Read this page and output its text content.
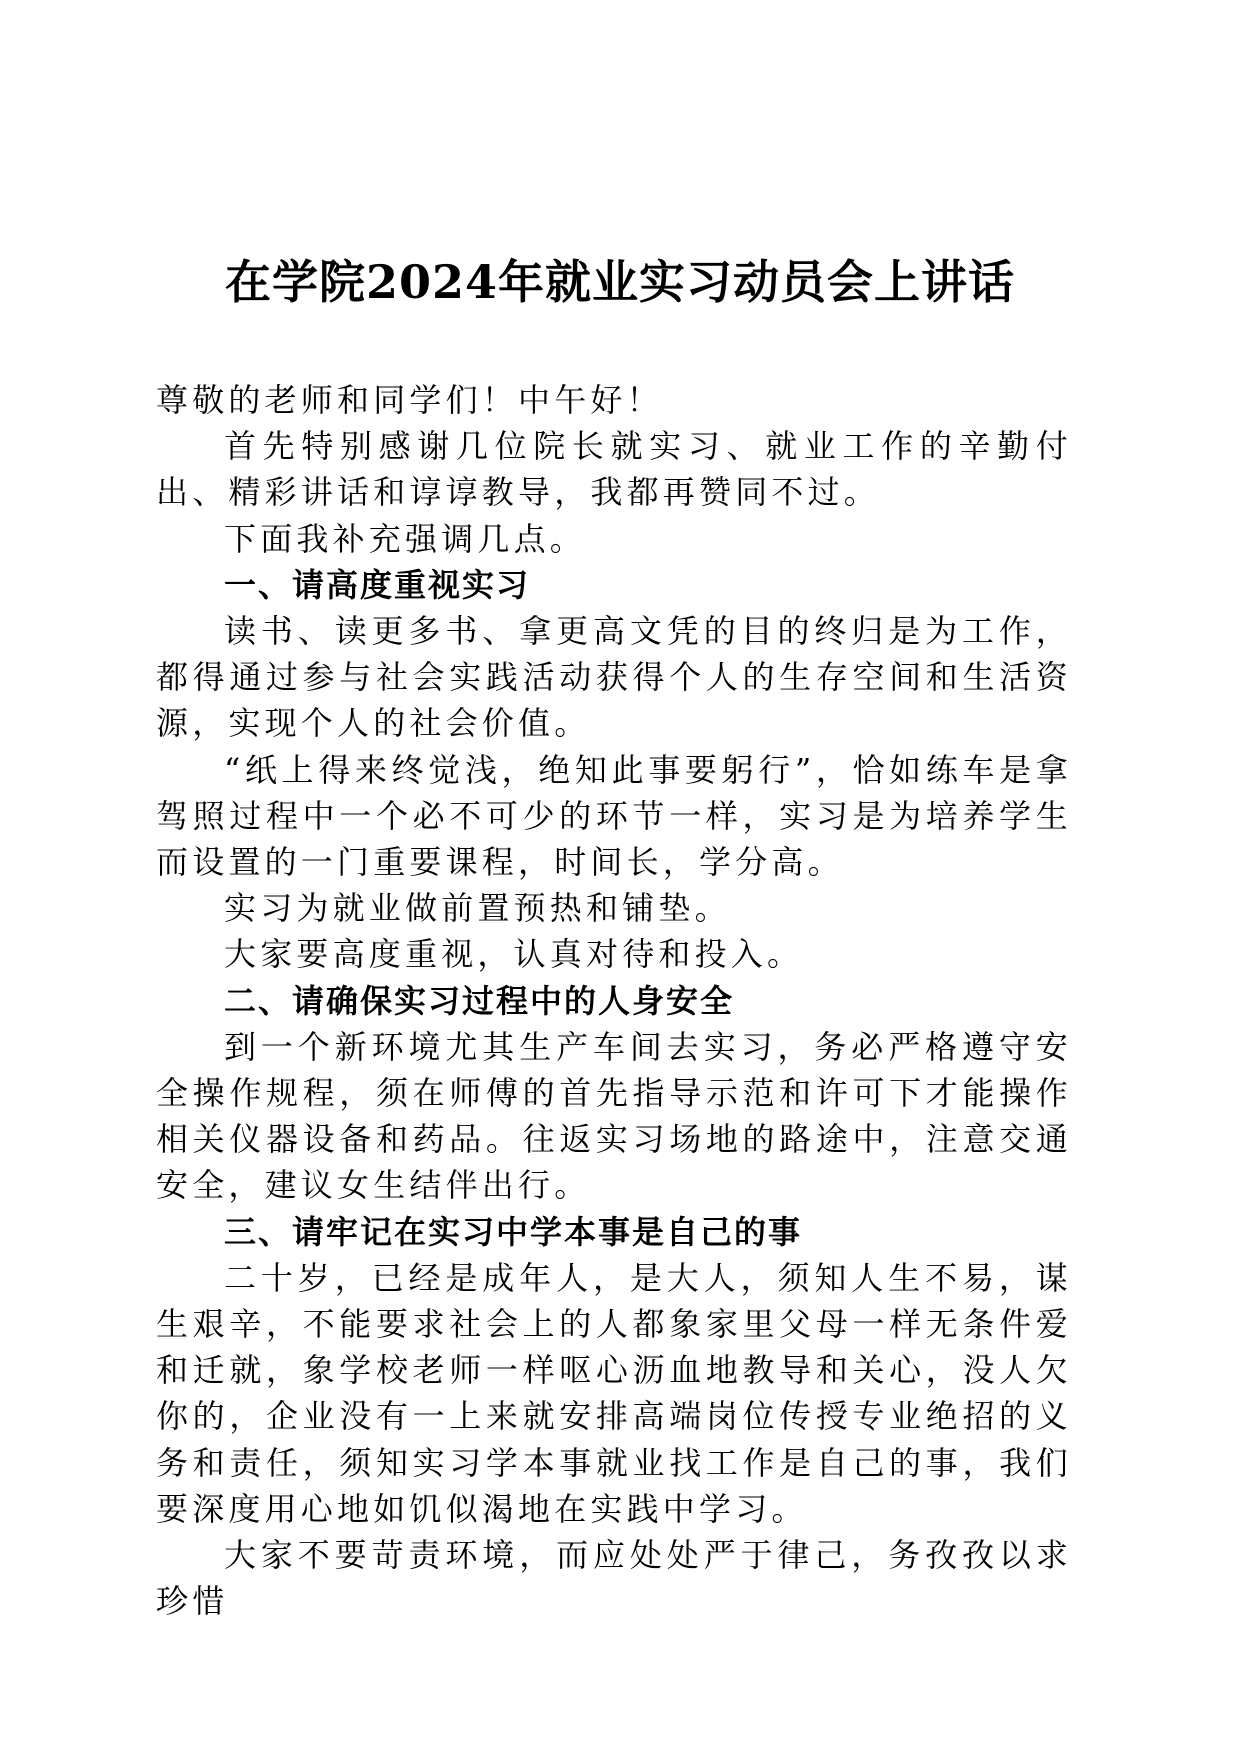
在学院2024年就业实习动员会上讲话

尊敬的老师和同学们！中午好！

首先特别感谢几位院长就实习、就业工作的辛勤付出、精彩讲话和谆谆教导，我都再赞同不过。

下面我补充强调几点。

一、请高度重视实习

读书、读更多书、拿更高文凭的目的终归是为工作，都得通过参与社会实践活动获得个人的生存空间和生活资源，实现个人的社会价值。

“纸上得来终觉浅，绝知此事要躬行”，恰如练车是拿驾照过程中一个必不可少的环节一样，实习是为培养学生而设置的一门重要课程，时间长，学分高。

实习为就业做前置预热和铺垫。

大家要高度重视，认真对待和投入。

二、请确保实习过程中的人身安全

到一个新环境尤其生产车间去实习，务必严格遵守安全操作规程，须在师傅的首先指导示范和许可下才能操作相关仪器设备和药品。往返实习场地的路途中，注意交通安全，建议女生结伴出行。

三、请牢记在实习中学本事是自己的事

二十岁，已经是成年人，是大人，须知人生不易，谋生艰辛，不能要求社会上的人都象家里父母一样无条件爱和迁就，象学校老师一样呕心沥血地教导和关心，没人欠你的，企业没有一上来就安排高端岗位传授专业绝招的义务和责任，须知实习学本事就业找工作是自己的事，我们要深度用心地如饥似渴地在实践中学习。

大家不要苛责环境，而应处处严于律己，务孜孜以求珍惜
